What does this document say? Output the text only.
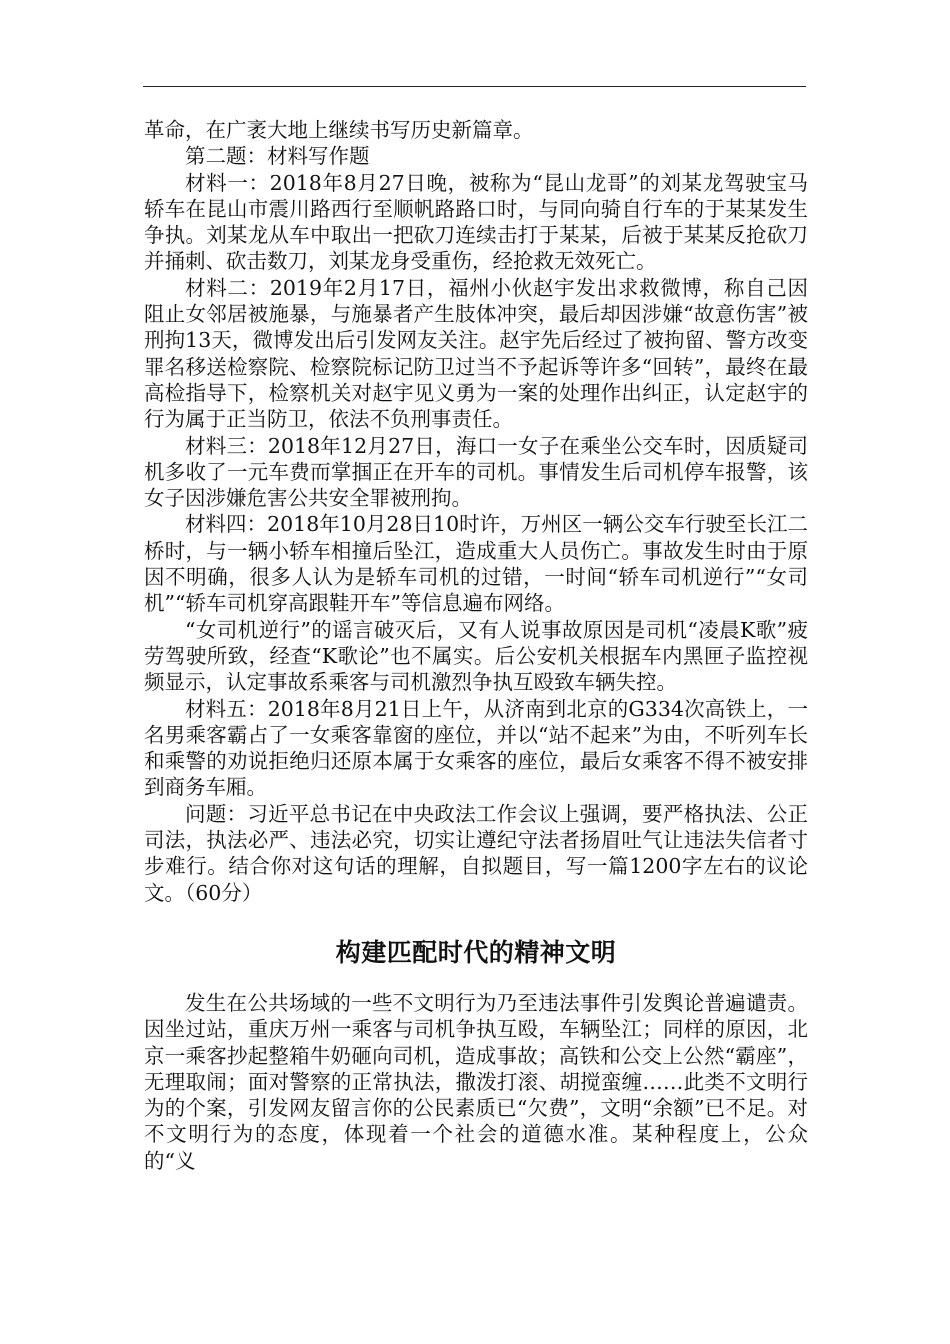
革命，在广袤大地上继续书写历史新篇章。

第二题：材料写作题

材料一：2018年8月27日晚，被称为“昆山龙哥”的刘某龙驾驶宝马轿车在昆山市震川路西行至顺帆路路口时，与同向骑自行车的于某某发生争执。刘某龙从车中取出一把砍刀连续击打于某某，后被于某某反抢砍刀并捅刺、砍击数刀，刘某龙身受重伤，经抢救无效死亡。

材料二：2019年2月17日，福州小伙赵宇发出求救微博，称自己因阻止女邻居被施暴，与施暴者产生肢体冲突，最后却因涉嫌“故意伤害”被刑拘13天，微博发出后引发网友关注。赵宇先后经过了被拘留、警方改变罪名移送检察院、检察院标记防卫过当不予起诉等许多“回转”，最终在最高检指导下，检察机关对赵宇见义勇为一案的处理作出纠正，认定赵宇的行为属于正当防卫，依法不负刑事责任。

材料三：2018年12月27日，海口一女子在乘坐公交车时，因质疑司机多收了一元车费而掌掴正在开车的司机。事情发生后司机停车报警，该女子因涉嫌危害公共安全罪被刑拘。

材料四：2018年10月28日10时许，万州区一辆公交车行驶至长江二桥时，与一辆小轿车相撞后坠江，造成重大人员伤亡。事故发生时由于原因不明确，很多人认为是轿车司机的过错，一时间“轿车司机逆行”“女司机”“轿车司机穿高跟鞋开车”等信息遍布网络。

“女司机逆行”的谣言破灭后，又有人说事故原因是司机“凌晨K歌”疲劳驾驶所致，经查“K歌论”也不属实。后公安机关根据车内黑匣子监控视频显示，认定事故系乘客与司机激烈争执互殴致车辆失控。

材料五：2018年8月21日上午，从济南到北京的G334次高铁上，一名男乘客霸占了一女乘客靠窗的座位，并以“站不起来”为由，不听列车长和乘警的劝说拒绝归还原本属于女乘客的座位，最后女乘客不得不被安排到商务车厢。

问题：习近平总书记在中央政法工作会议上强调，要严格执法、公正司法，执法必严、违法必究，切实让遵纪守法者扬眉吐气让违法失信者寸步难行。结合你对这句话的理解，自拟题目，写一篇1200字左右的议论文。（60分）

构建匹配时代的精神文明

发生在公共场域的一些不文明行为乃至违法事件引发舆论普遍谴责。因坐过站，重庆万州一乘客与司机争执互殴，车辆坠江；同样的原因，北京一乘客抄起整箱牛奶砸向司机，造成事故；高铁和公交上公然“霸座”，无理取闹；面对警察的正常执法，撒泼打滚、胡搅蛮缠……此类不文明行为的个案，引发网友留言你的公民素质已“欠费”，文明“余额”已不足。对不文明行为的态度，体现着一个社会的道德水准。某种程度上，公众的“义
